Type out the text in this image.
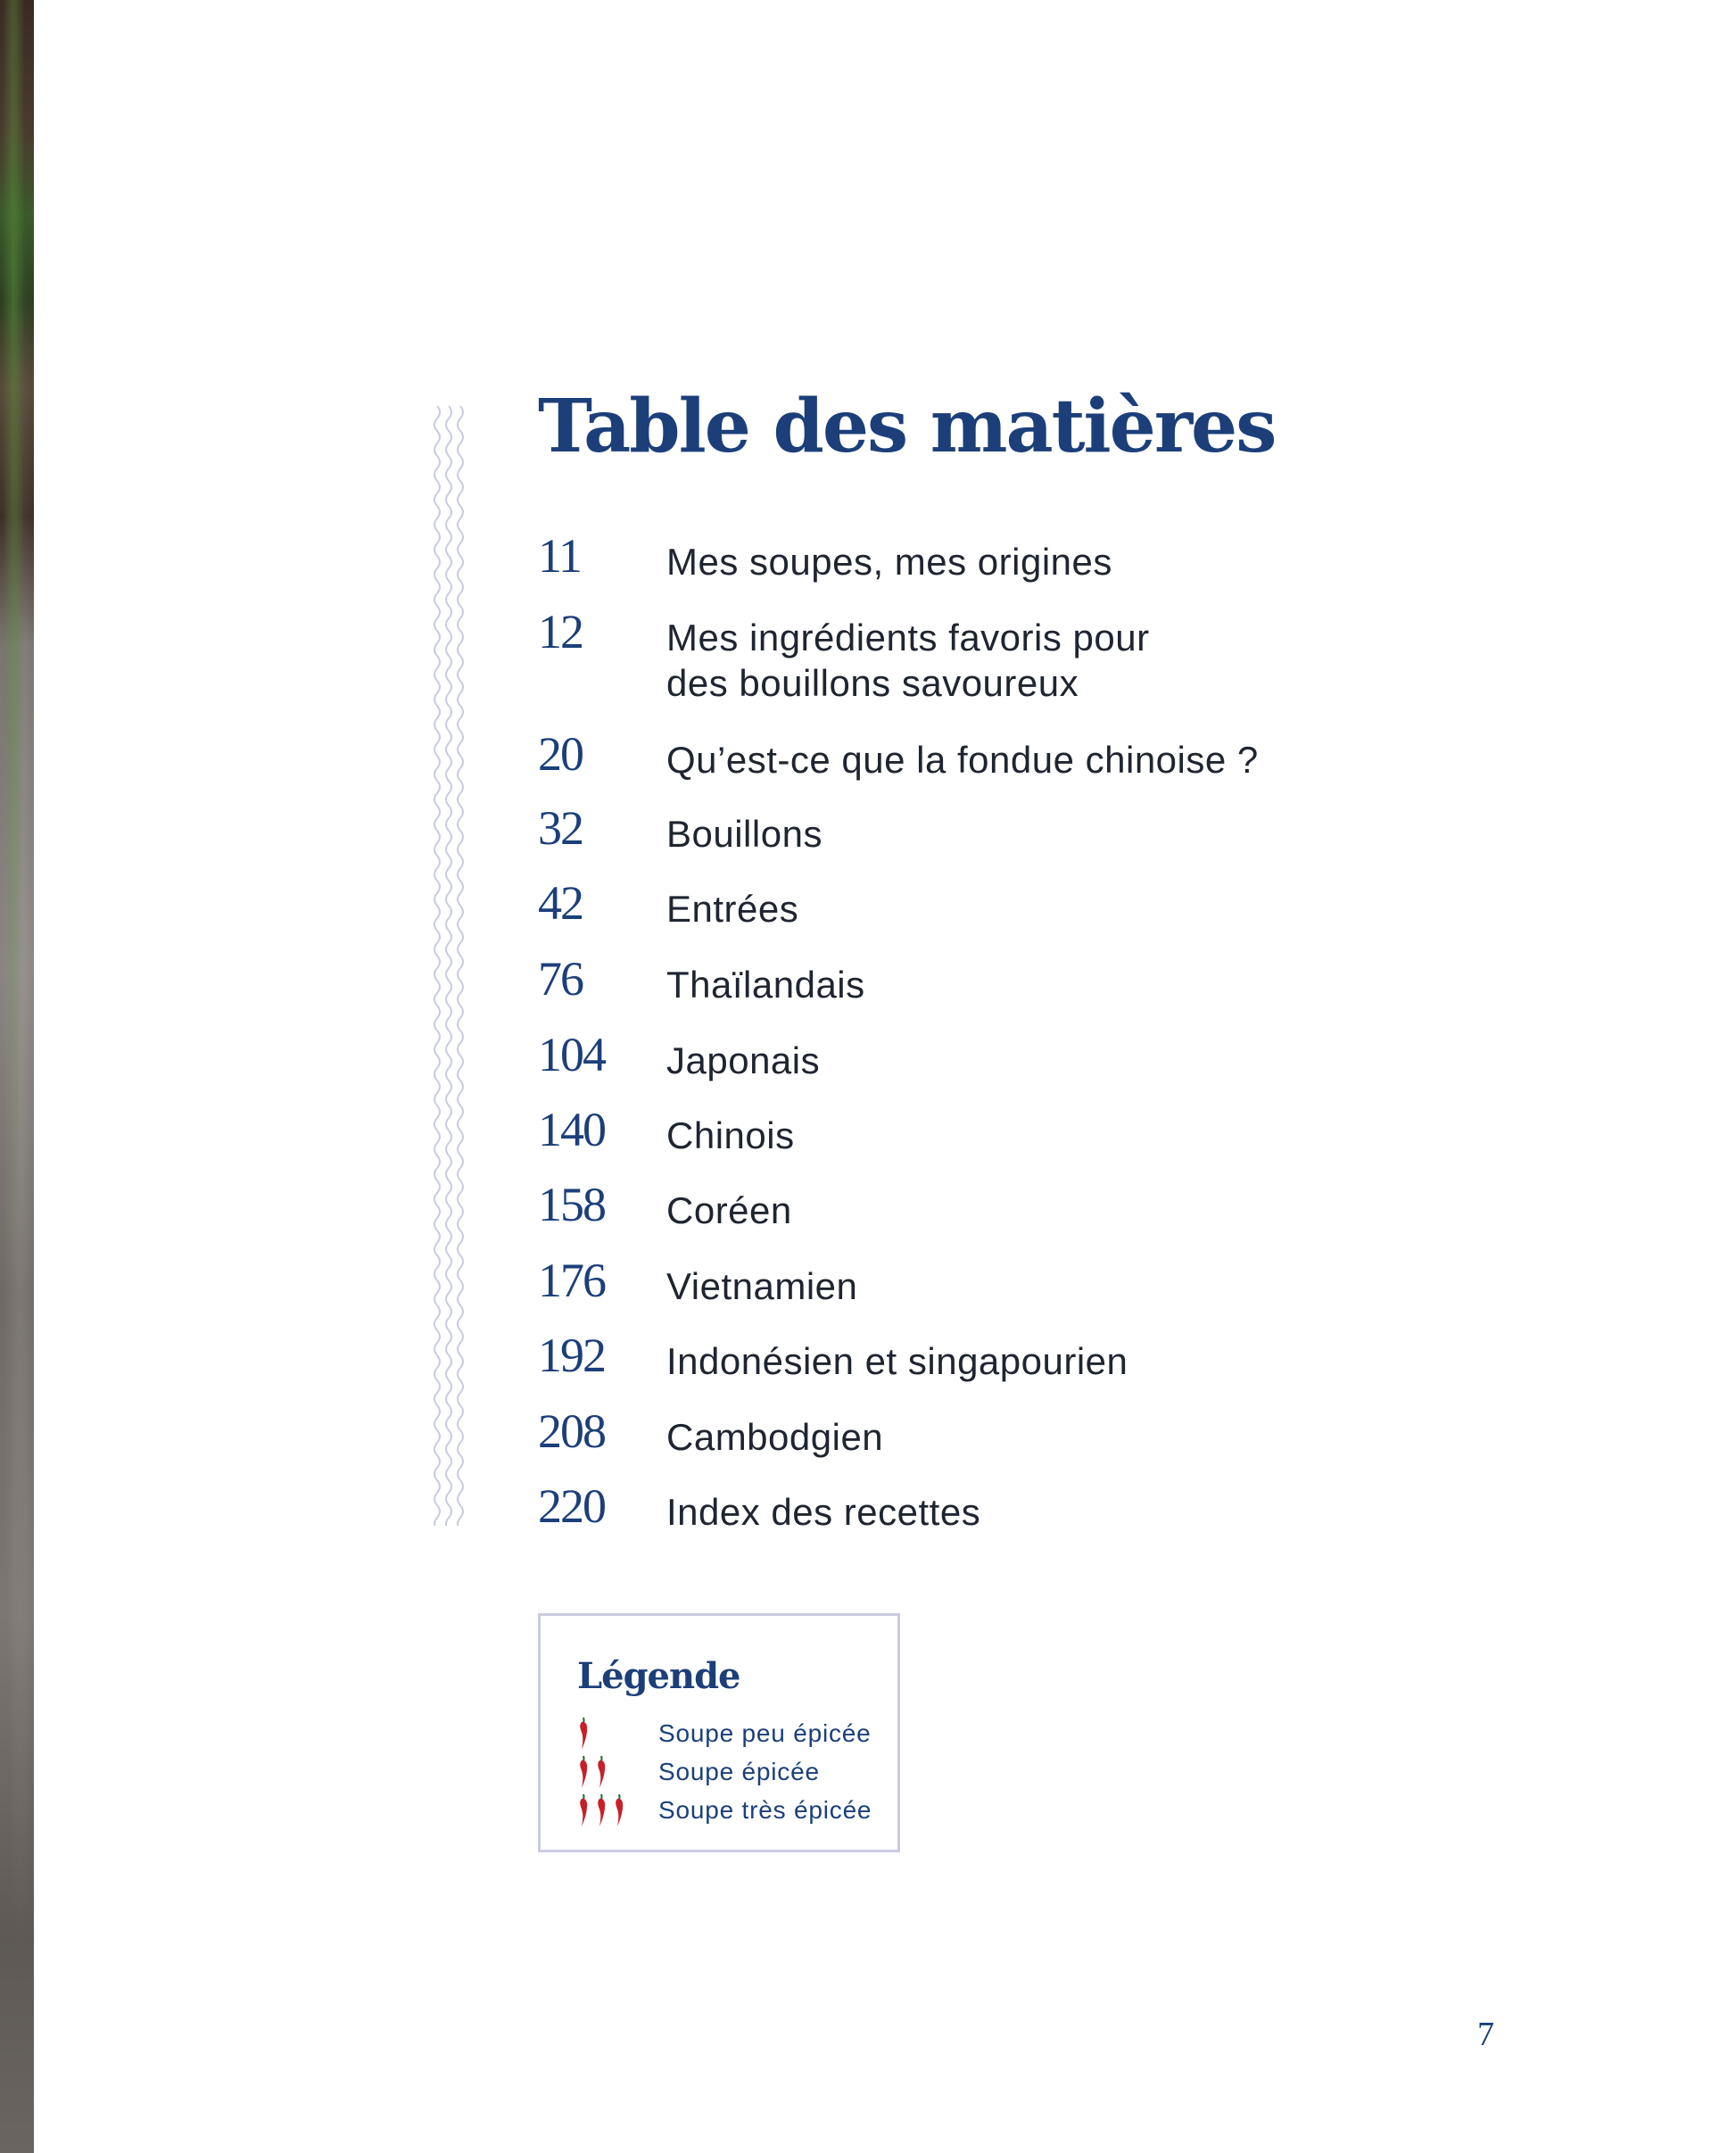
Table des matières
11 Mes soupes, mes origines
12 Mes ingrédients favoris pour
des bouillons savoureux
20 Qu’est-ce que la fondue chinoise ?
32 Bouillons
42 Entrées
76 Thaïlandais
104 Japonais
140 Chinois
158 Coréen
176 Vietnamien
192 Indonésien et singapourien
208 Cambodgien
220 Index des recettes
Légende
Soupe peu épicée
Soupe épicée
Soupe très épicée
7
